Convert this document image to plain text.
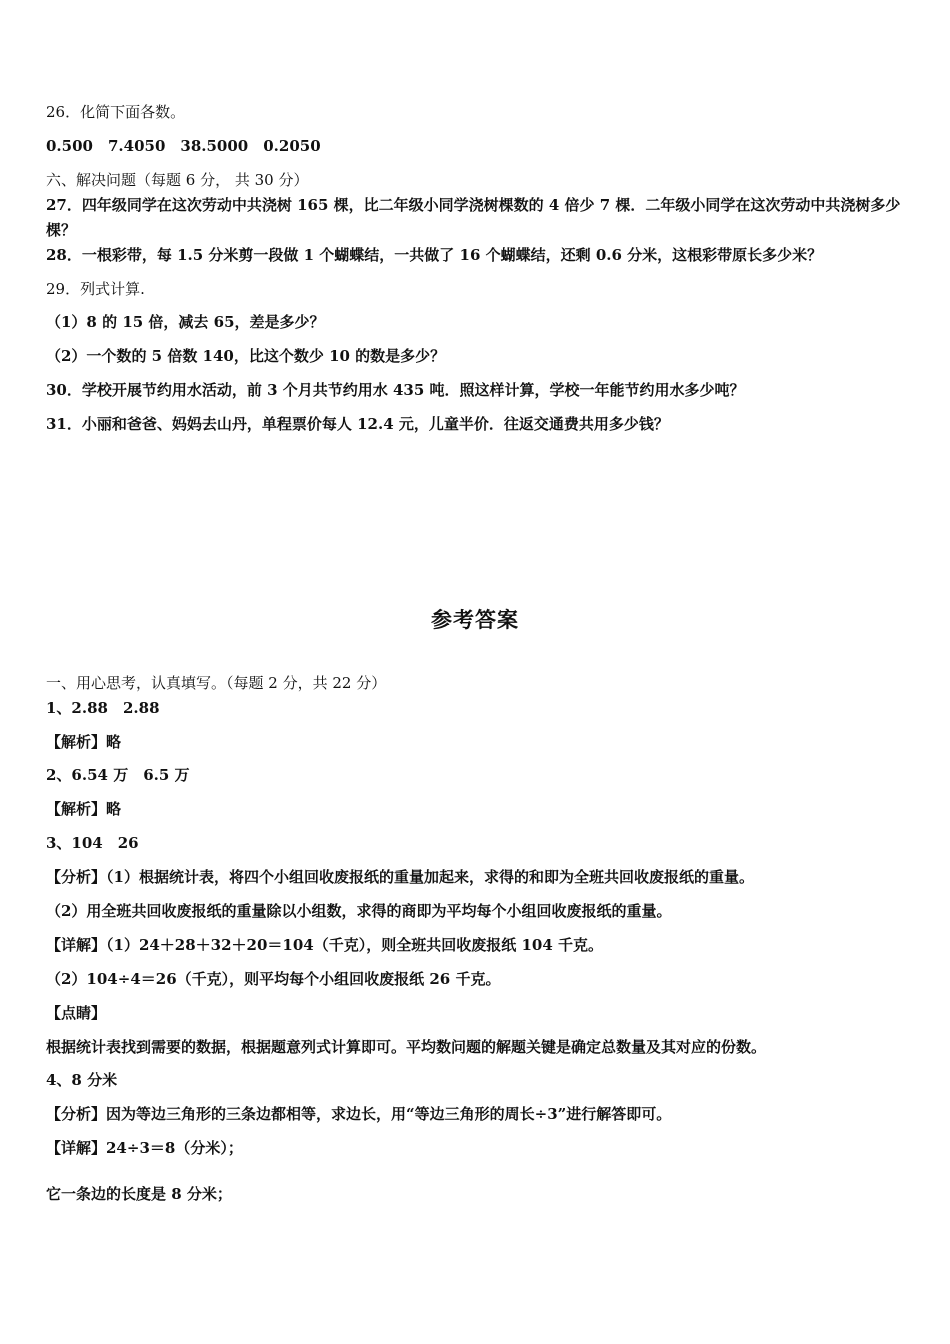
26．化简下面各数。
0.500　7.4050　38.5000　0.2050
六、解决问题（每题 6 分， 共 30 分）
27．四年级同学在这次劳动中共浇树 165 棵，比二年级小同学浇树棵数的 4 倍少 7 棵．二年级小同学在这次劳动中共浇树多少棵？
28．一根彩带，每 1.5 分米剪一段做 1 个蝴蝶结，一共做了 16 个蝴蝶结，还剩 0.6 分米，这根彩带原长多少米？
29．列式计算.
（1）8 的 15 倍，减去 65，差是多少？
（2）一个数的 5 倍数 140，比这个数少 10 的数是多少？
30．学校开展节约用水活动，前 3 个月共节约用水 435 吨．照这样计算，学校一年能节约用水多少吨？
31．小丽和爸爸、妈妈去山丹，单程票价每人 12.4 元，儿童半价．往返交通费共用多少钱？
参考答案
一、用心思考，认真填写。（每题 2 分，共 22 分）
1、2.88　2.88
【解析】略
2、6.54 万　6.5 万
【解析】略
3、104　26
【分析】（1）根据统计表，将四个小组回收废报纸的重量加起来，求得的和即为全班共回收废报纸的重量。
（2）用全班共回收废报纸的重量除以小组数，求得的商即为平均每个小组回收废报纸的重量。
【详解】（1）24＋28＋32＋20＝104（千克），则全班共回收废报纸 104 千克。
（2）104÷4＝26（千克），则平均每个小组回收废报纸 26 千克。
【点睛】
根据统计表找到需要的数据，根据题意列式计算即可。平均数问题的解题关键是确定总数量及其对应的份数。
4、8 分米
【分析】因为等边三角形的三条边都相等，求边长，用“等边三角形的周长÷3”进行解答即可。
【详解】24÷3＝8（分米）；
它一条边的长度是 8 分米；
